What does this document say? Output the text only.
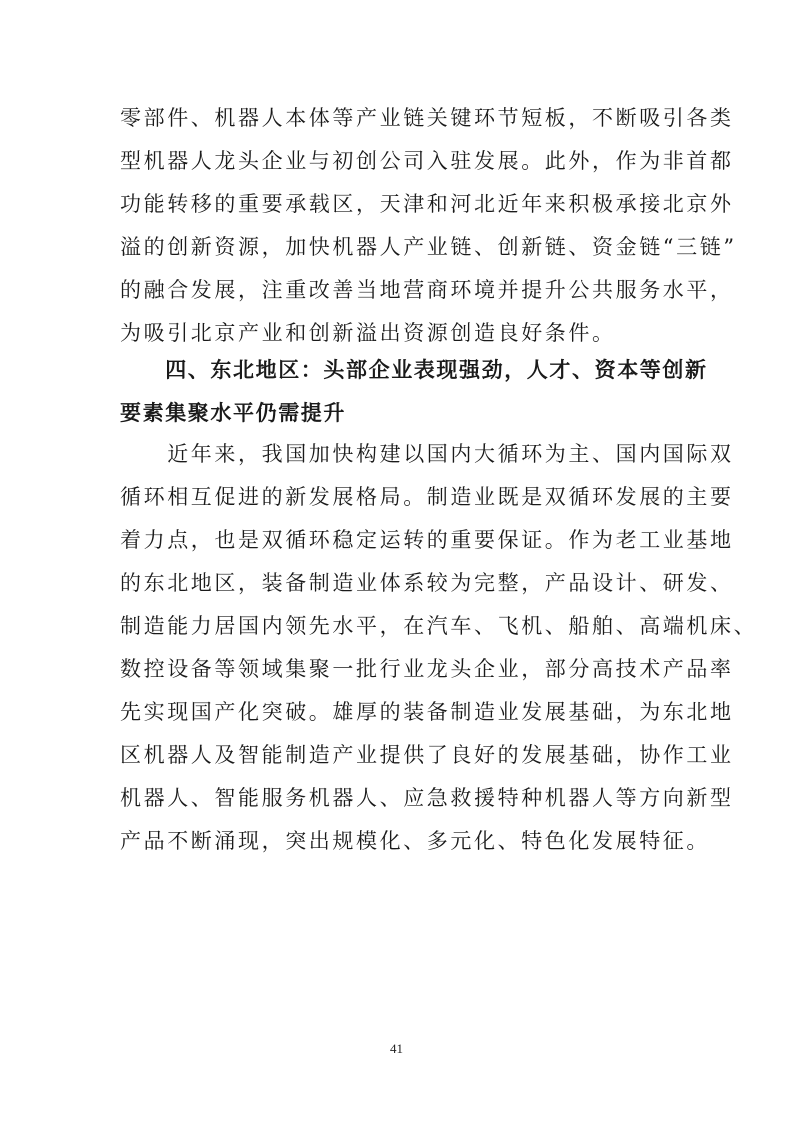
零部件、机器人本体等产业链关键环节短板，不断吸引各类
型机器人龙头企业与初创公司入驻发展。此外，作为非首都
功能转移的重要承载区，天津和河北近年来积极承接北京外
溢的创新资源，加快机器人产业链、创新链、资金链“三链”
的融合发展，注重改善当地营商环境并提升公共服务水平，
为吸引北京产业和创新溢出资源创造良好条件。

　　四、东北地区：头部企业表现强劲，人才、资本等创新
要素集聚水平仍需提升

　　近年来，我国加快构建以国内大循环为主、国内国际双
循环相互促进的新发展格局。制造业既是双循环发展的主要
着力点，也是双循环稳定运转的重要保证。作为老工业基地
的东北地区，装备制造业体系较为完整，产品设计、研发、
制造能力居国内领先水平，在汽车、飞机、船舶、高端机床、
数控设备等领域集聚一批行业龙头企业，部分高技术产品率
先实现国产化突破。雄厚的装备制造业发展基础，为东北地
区机器人及智能制造产业提供了良好的发展基础，协作工业
机器人、智能服务机器人、应急救援特种机器人等方向新型
产品不断涌现，突出规模化、多元化、特色化发展特征。

41
